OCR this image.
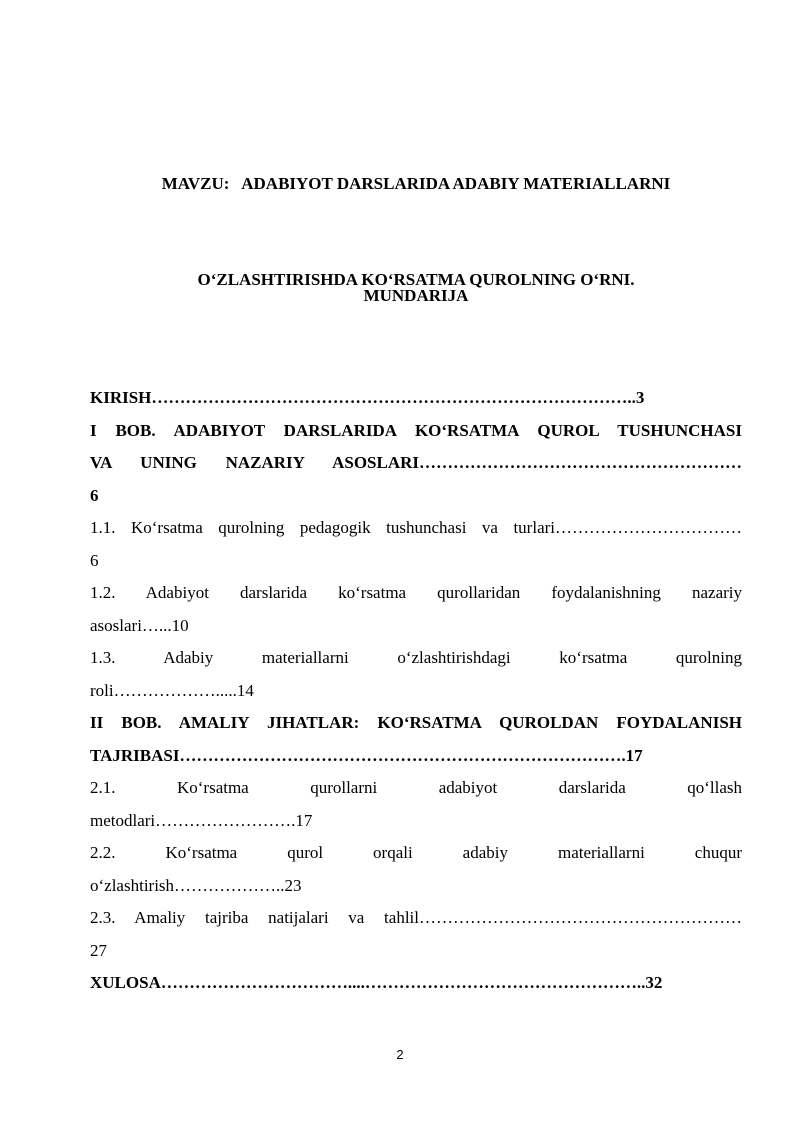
MAVZU:   ADABIYOT DARSLARIDA ADABIY MATERIALLARNI

O‘ZLASHTIRISHDA KO‘RSATMA QUROLNING O‘RNI.

MUNDARIJA
KIRISH…………………………………………………………………………..3
I BOB. ADABIYOT DARSLARIDA KO‘RSATMA QUROL TUSHUNCHASI
VA UNING NAZARIY ASOSLARI…………………………………………………
6
1.1. Ko‘rsatma qurolning pedagogik tushunchasi va turlari……………………………
6
1.2. Adabiyot darslarida ko‘rsatma qurollaridan foydalanishning nazariy
asoslari…...10
1.3. Adabiy materiallarni o‘zlashtirishdagi ko‘rsatma qurolning
roli……………….....14
II BOB. AMALIY JIHATLAR: KO‘RSATMA QUROLDAN FOYDALANISH
TAJRIBASI…………………………………………………………………….17
2.1. Ko‘rsatma qurollarni adabiyot darslarida qo‘llash
metodlari…………………….17
2.2. Ko‘rsatma qurol orqali adabiy materiallarni chuqur
o‘zlashtirish………………..23
2.3. Amaliy tajriba natijalari va tahlil…………………………………………………
27
XULOSA……………………………....…………………………………………..32
2
